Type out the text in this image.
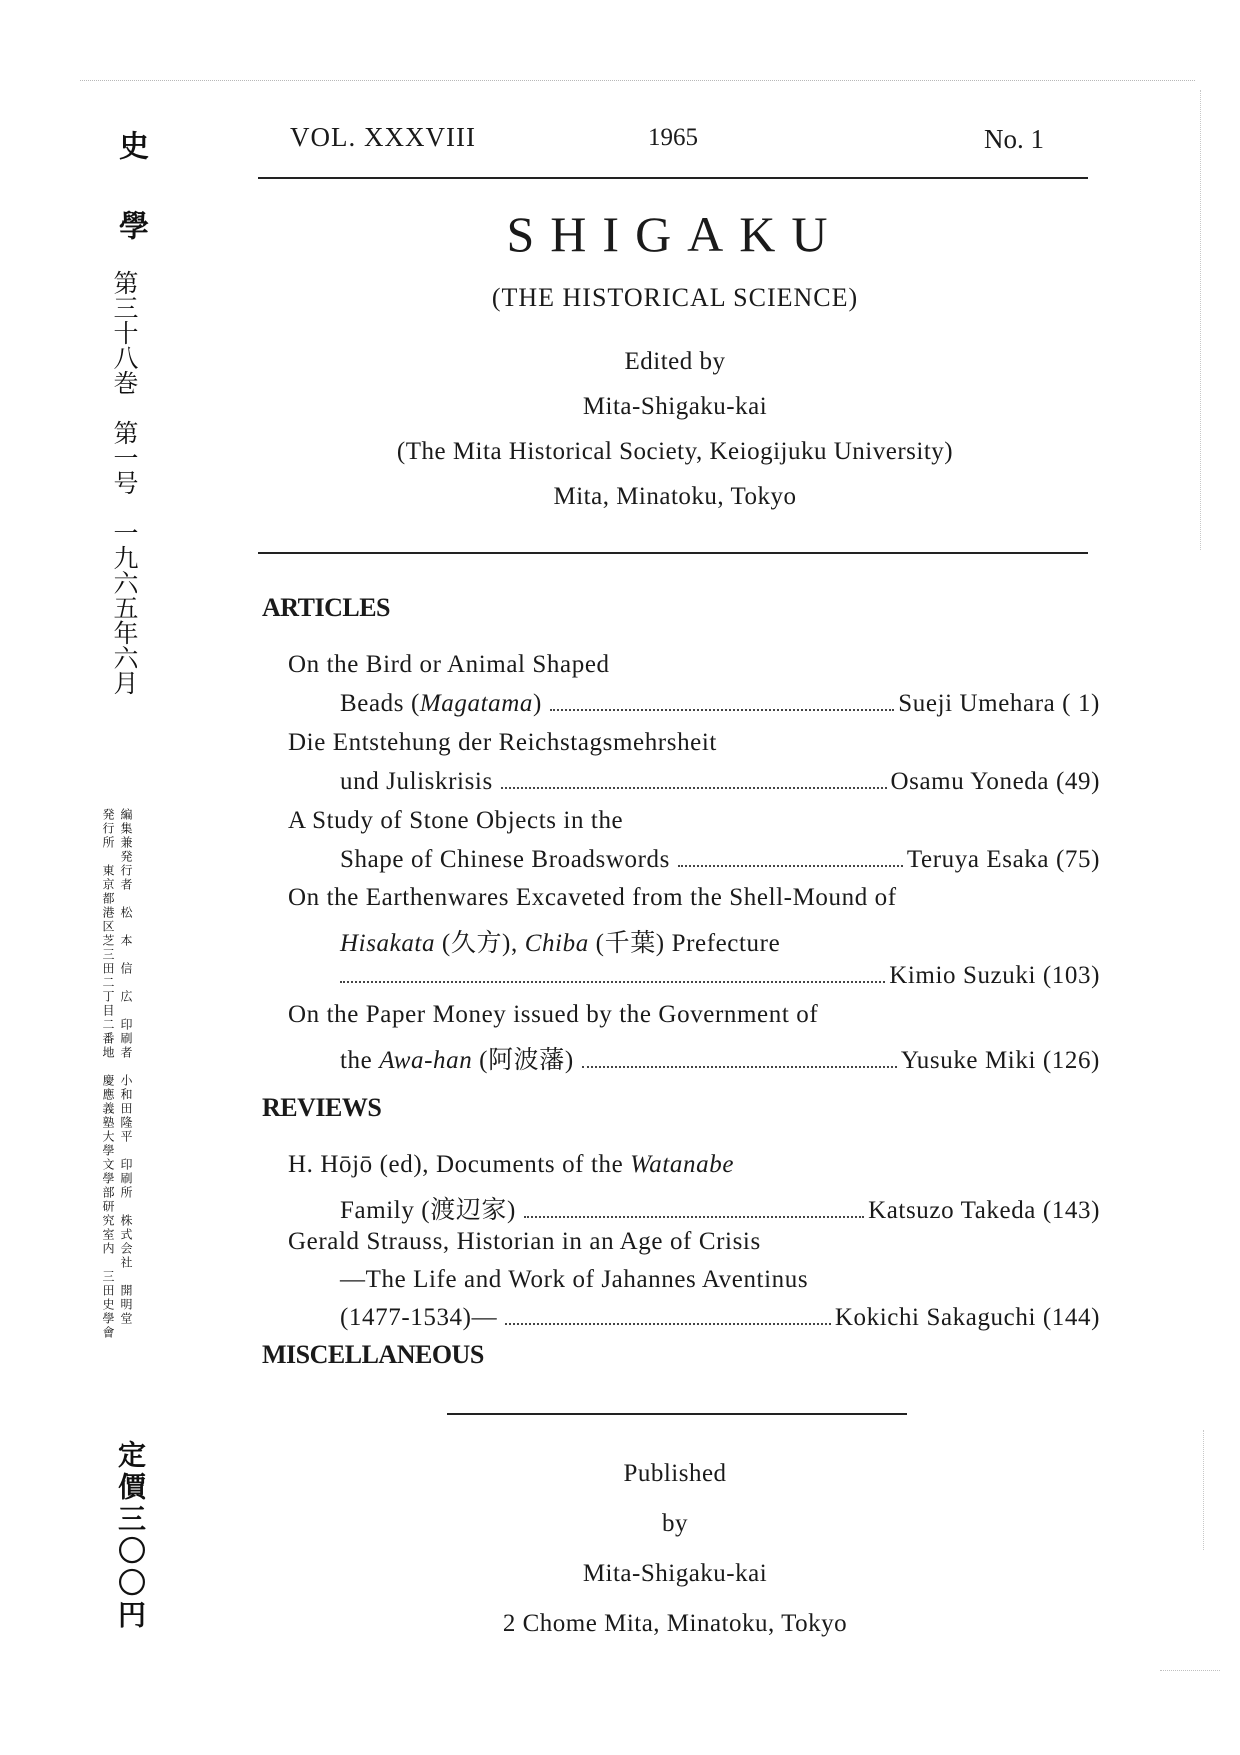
史
學
第三十八巻　第一号　一九六五年六月
編集兼発行者　松　本　信　広　印刷者　小和田隆平　印刷所　株式会社　開明堂
発行所　東京都港区芝三田二丁目二番地　慶應義塾大學文學部研究室内　三田史學會
定價三〇〇円
VOL. XXXVIII	1965	No. 1
SHIGAKU
(THE HISTORICAL SCIENCE)
Edited by
Mita-Shigaku-kai
(The Mita Historical Society, Keiogijuku University)
Mita, Minatoku, Tokyo
ARTICLES
On the Bird or Animal Shaped
Beads (Magatama)	Sueji Umehara ( 1)
Die Entstehung der Reichstagsmehrsheit
und Juliskrisis	Osamu Yoneda (49)
A Study of Stone Objects in the
Shape of Chinese Broadswords	Teruya Esaka (75)
On the Earthenwares Excaveted from the Shell-Mound of
Hisakata (久方), Chiba (千葉) Prefecture
Kimio Suzuki (103)
On the Paper Money issued by the Government of
the Awa-han (阿波藩)	Yusuke Miki (126)
REVIEWS
H. Hōjō (ed), Documents of the Watanabe
Family (渡辺家)	Katsuzo Takeda (143)
Gerald Strauss, Historian in an Age of Crisis
—The Life and Work of Jahannes Aventinus
(1477-1534)—	Kokichi Sakaguchi (144)
MISCELLANEOUS
Published
by
Mita-Shigaku-kai
2 Chome Mita, Minatoku, Tokyo
